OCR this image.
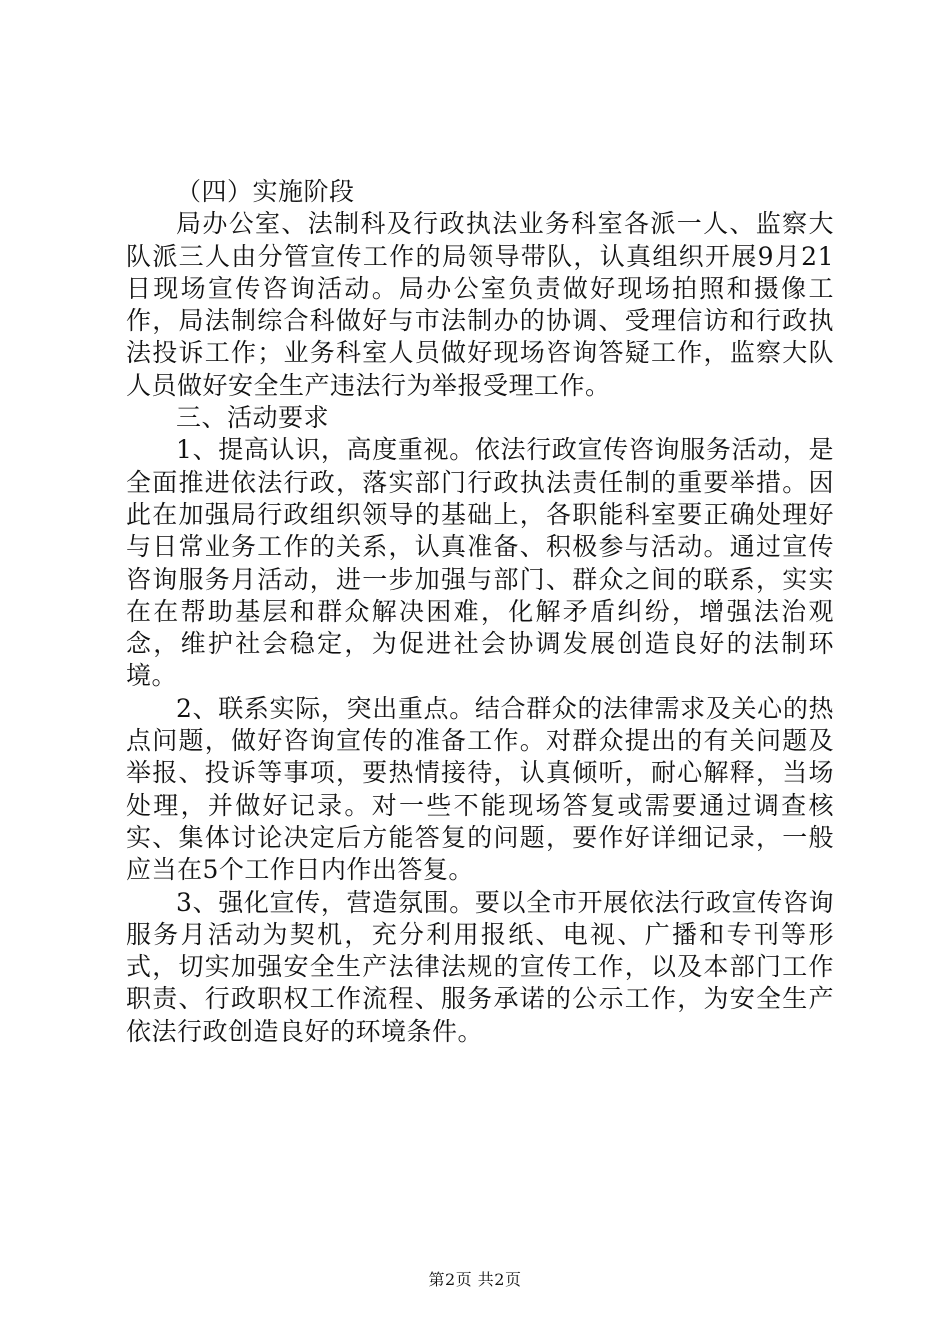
（四）实施阶段

局办公室、法制科及行政执法业务科室各派一人、监察大队派三人由分管宣传工作的局领导带队，认真组织开展9月21日现场宣传咨询活动。局办公室负责做好现场拍照和摄像工作，局法制综合科做好与市法制办的协调、受理信访和行政执法投诉工作；业务科室人员做好现场咨询答疑工作，监察大队人员做好安全生产违法行为举报受理工作。

三、活动要求

1、提高认识，高度重视。依法行政宣传咨询服务活动，是全面推进依法行政，落实部门行政执法责任制的重要举措。因此在加强局行政组织领导的基础上，各职能科室要正确处理好与日常业务工作的关系，认真准备、积极参与活动。通过宣传咨询服务月活动，进一步加强与部门、群众之间的联系，实实在在帮助基层和群众解决困难，化解矛盾纠纷，增强法治观念，维护社会稳定，为促进社会协调发展创造良好的法制环境。

2、联系实际，突出重点。结合群众的法律需求及关心的热点问题，做好咨询宣传的准备工作。对群众提出的有关问题及举报、投诉等事项，要热情接待，认真倾听，耐心解释，当场处理，并做好记录。对一些不能现场答复或需要通过调查核实、集体讨论决定后方能答复的问题，要作好详细记录，一般应当在5个工作日内作出答复。

3、强化宣传，营造氛围。要以全市开展依法行政宣传咨询服务月活动为契机，充分利用报纸、电视、广播和专刊等形式，切实加强安全生产法律法规的宣传工作，以及本部门工作职责、行政职权工作流程、服务承诺的公示工作，为安全生产依法行政创造良好的环境条件。

第2页 共2页
